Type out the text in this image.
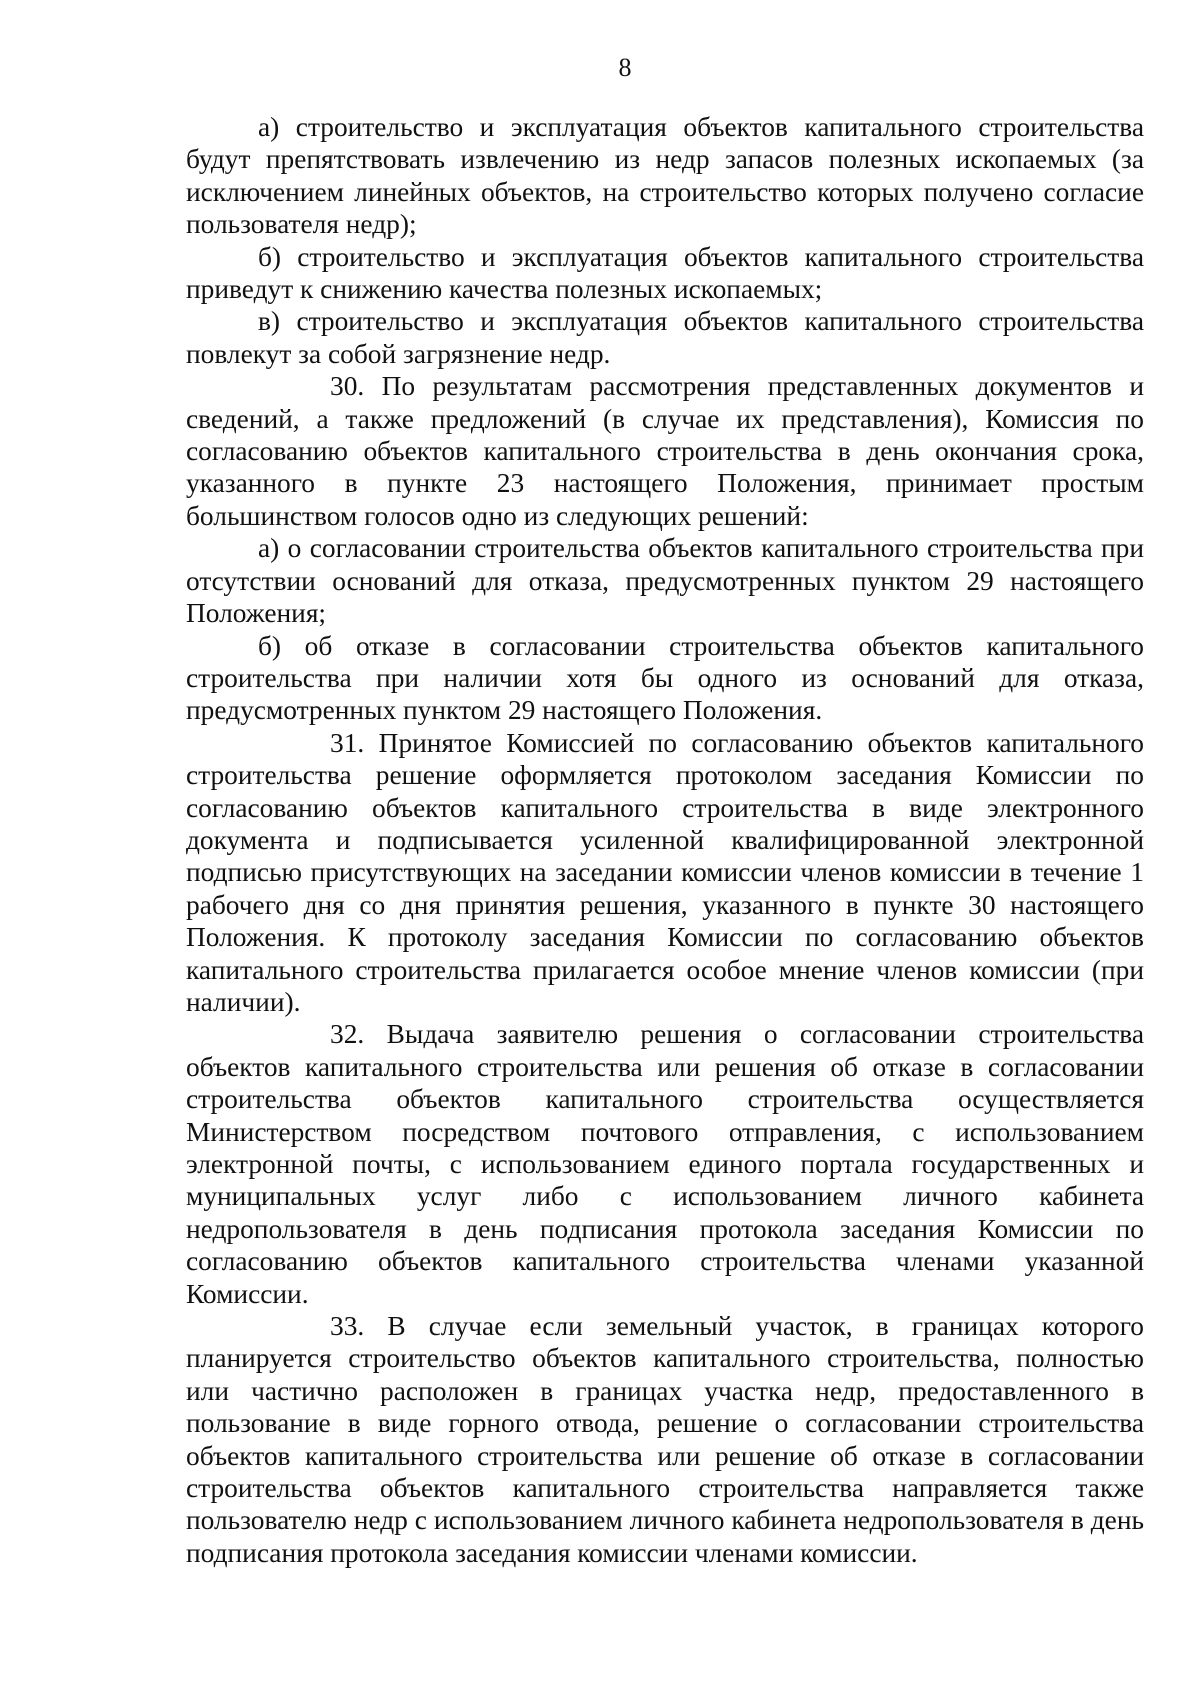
8

а) строительство и эксплуатация объектов капитального строительства будут препятствовать извлечению из недр запасов полезных ископаемых (за исключением линейных объектов, на строительство которых получено согласие пользователя недр);

б) строительство и эксплуатация объектов капитального строительства приведут к снижению качества полезных ископаемых;

в) строительство и эксплуатация объектов капитального строительства повлекут за собой загрязнение недр.

30. По результатам рассмотрения представленных документов и сведений, а также предложений (в случае их представления), Комиссия по согласованию объектов капитального строительства в день окончания срока, указанного в пункте 23 настоящего Положения, принимает простым большинством голосов одно из следующих решений:

а) о согласовании строительства объектов капитального строительства при отсутствии оснований для отказа, предусмотренных пунктом 29 настоящего Положения;

б) об отказе в согласовании строительства объектов капитального строительства при наличии хотя бы одного из оснований для отказа, предусмотренных пунктом 29 настоящего Положения.

31. Принятое Комиссией по согласованию объектов капитального строительства решение оформляется протоколом заседания Комиссии по согласованию объектов капитального строительства в виде электронного документа и подписывается усиленной квалифицированной электронной подписью присутствующих на заседании комиссии членов комиссии в течение 1 рабочего дня со дня принятия решения, указанного в пункте 30 настоящего Положения. К протоколу заседания Комиссии по согласованию объектов капитального строительства прилагается особое мнение членов комиссии (при наличии).

32. Выдача заявителю решения о согласовании строительства объектов капитального строительства или решения об отказе в согласовании строительства объектов капитального строительства осуществляется Министерством посредством почтового отправления, с использованием электронной почты, с использованием единого портала государственных и муниципальных услуг либо с использованием личного кабинета недропользователя в день подписания протокола заседания Комиссии по согласованию объектов капитального строительства членами указанной Комиссии.

33. В случае если земельный участок, в границах которого планируется строительство объектов капитального строительства, полностью или частично расположен в границах участка недр, предоставленного в пользование в виде горного отвода, решение о согласовании строительства объектов капитального строительства или решение об отказе в согласовании строительства объектов капитального строительства направляется также пользователю недр с использованием личного кабинета недропользователя в день подписания протокола заседания комиссии членами комиссии.
